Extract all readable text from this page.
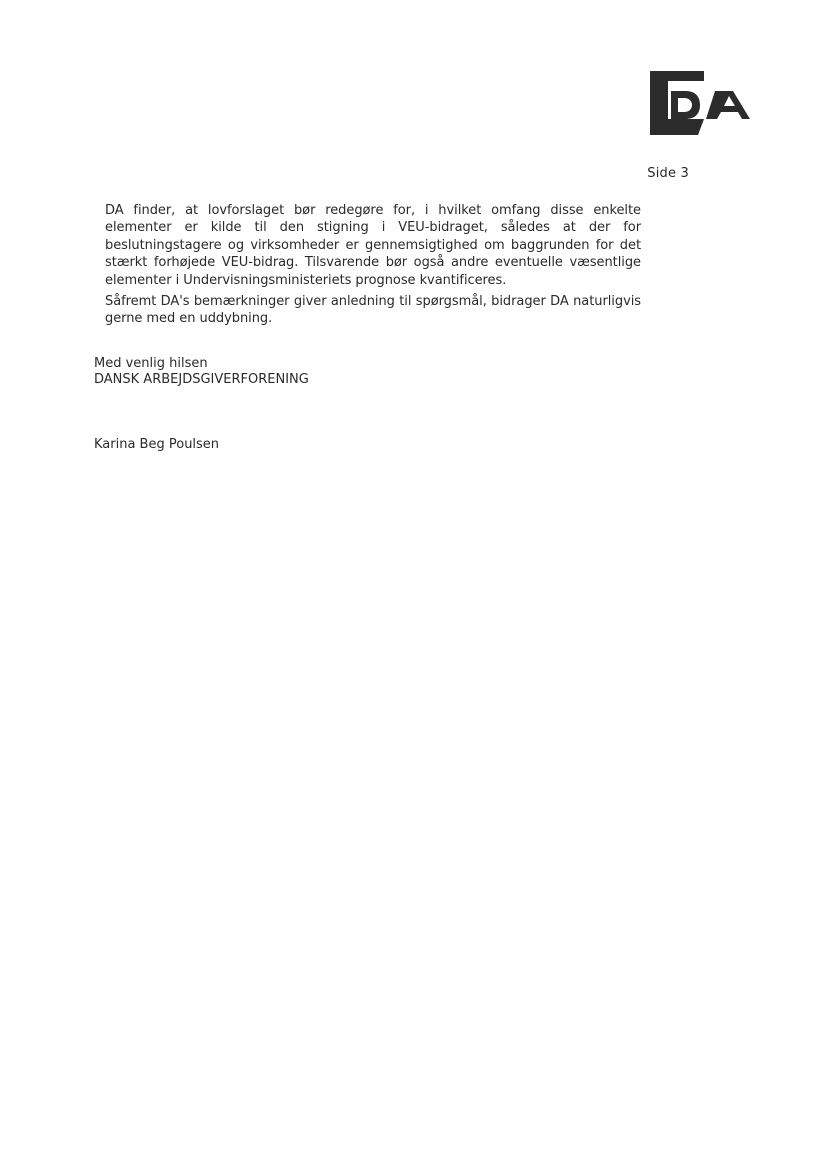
Side 3

DA finder, at lovforslaget bør redegøre for, i hvilket omfang disse enkelte elementer er kilde til den stigning i VEU-bidraget, således at der for beslutningstagere og virksomheder er gennemsigtighed om baggrunden for det stærkt forhøjede VEU-bidrag. Tilsvarende bør også andre eventuelle væsentlige elementer i Undervisningsministeriets prognose kvantificeres.

Såfremt DA's bemærkninger giver anledning til spørgsmål, bidrager DA naturligvis gerne med en uddybning.

Med venlig hilsen

DANSK ARBEJDSGIVERFORENING

Karina Beg Poulsen
